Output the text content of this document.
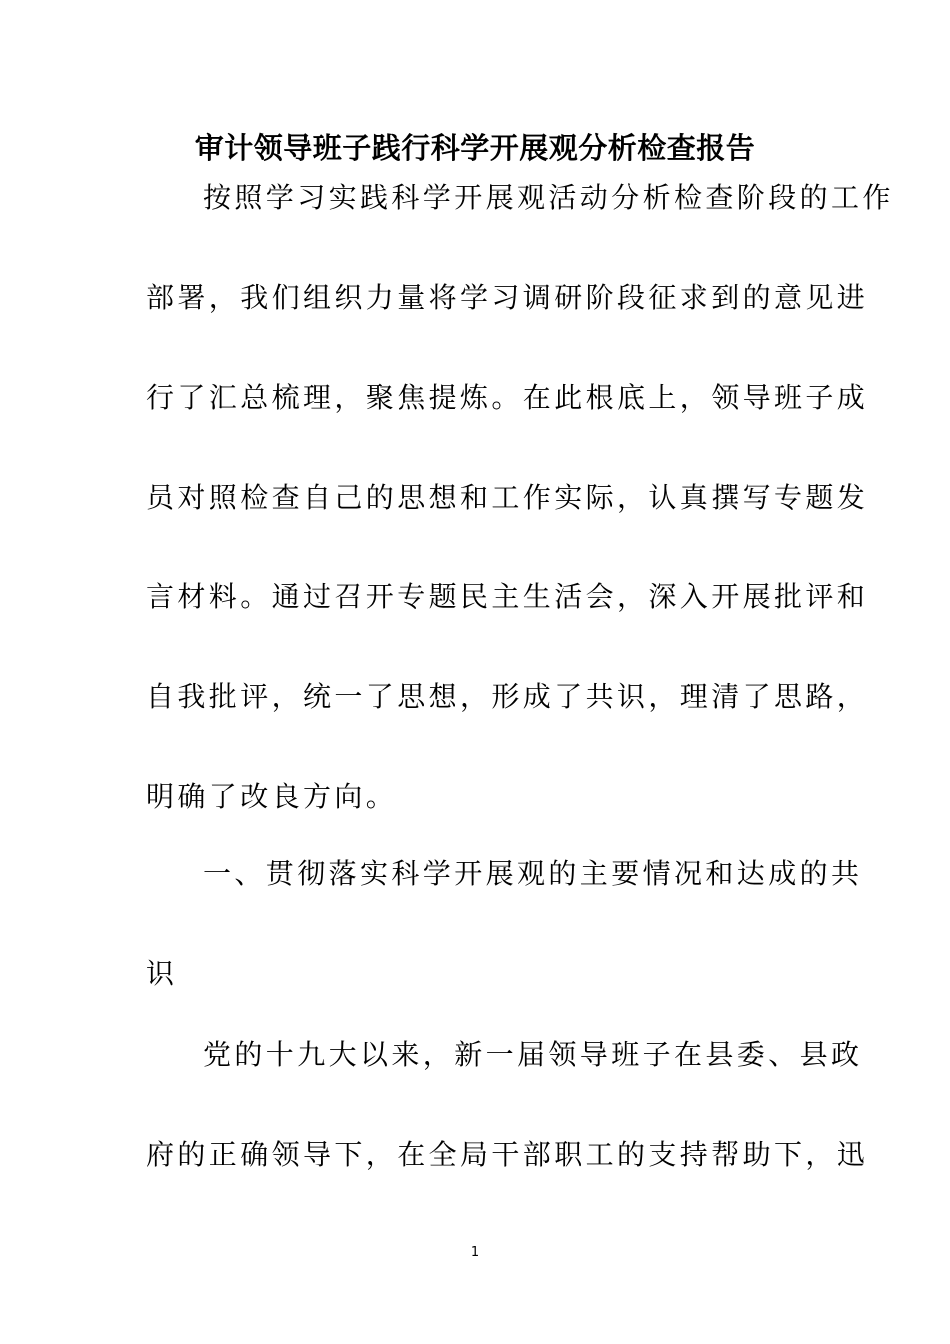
审计领导班子践行科学开展观分析检查报告

按照学习实践科学开展观活动分析检查阶段的工作

部署，我们组织力量将学习调研阶段征求到的意见进

行了汇总梳理，聚焦提炼。在此根底上，领导班子成

员对照检查自己的思想和工作实际，认真撰写专题发

言材料。通过召开专题民主生活会，深入开展批评和

自我批评，统一了思想，形成了共识，理清了思路，

明确了改良方向。

一、贯彻落实科学开展观的主要情况和达成的共

识

党的十九大以来，新一届领导班子在县委、县政

府的正确领导下，在全局干部职工的支持帮助下，迅

1
